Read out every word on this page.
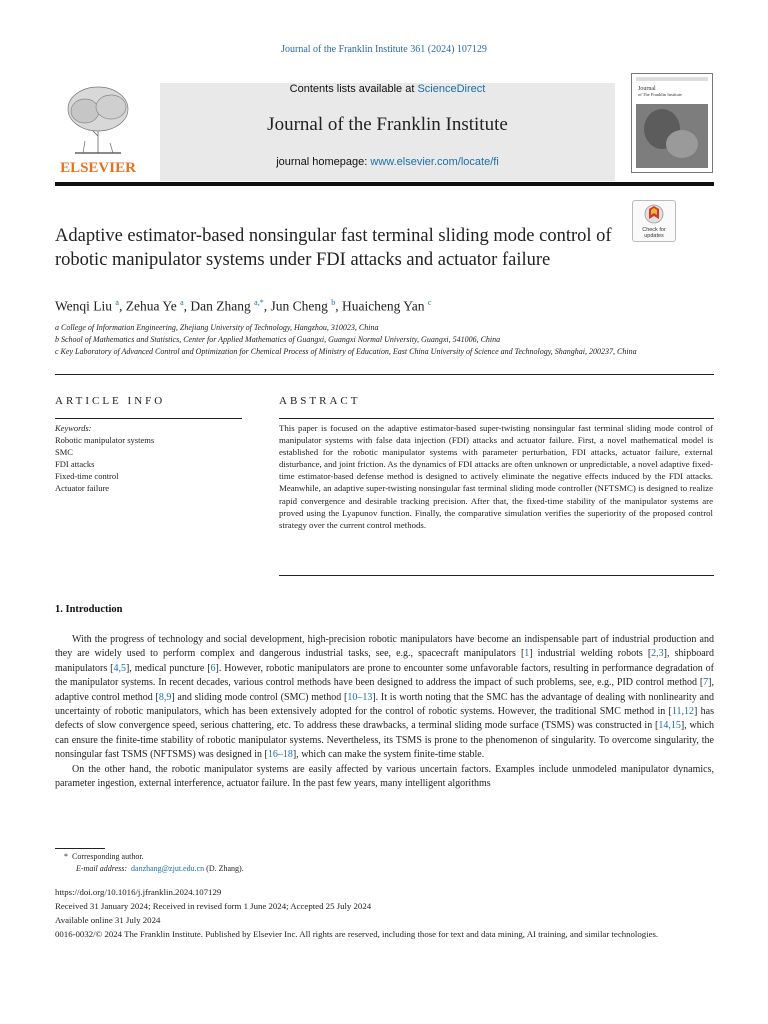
Journal of the Franklin Institute 361 (2024) 107129
ELSEVIER
Contents lists available at ScienceDirect
Journal of the Franklin Institute
journal homepage: www.elsevier.com/locate/fi
Journal
of The Franklin Institute
Check for
updates
Adaptive estimator-based nonsingular fast terminal sliding mode control of robotic manipulator systems under FDI attacks and actuator failure
Wenqi Liu $^a$, Zehua Ye $^a$, Dan Zhang $^{a,*}$, Jun Cheng $^b$, Huaicheng Yan $^c$
a College of Information Engineering, Zhejiang University of Technology, Hangzhou, 310023, China
b School of Mathematics and Statistics, Center for Applied Mathematics of Guangxi, Guangxi Normal University, Guangxi, 541006, China
c Key Laboratory of Advanced Control and Optimization for Chemical Process of Ministry of Education, East China University of Science and Technology, Shanghai, 200237, China
ARTICLE INFO
Keywords:
Robotic manipulator systems
SMC
FDI attacks
Fixed-time control
Actuator failure
ABSTRACT
This paper is focused on the adaptive estimator-based super-twisting nonsingular fast terminal sliding mode control of manipulator systems with false data injection (FDI) attacks and actuator failure. First, a novel mathematical model is established for the robotic manipulator systems with parameter perturbation, FDI attacks, actuator failure, external disturbance, and joint friction. As the dynamics of FDI attacks are often unknown or unpredictable, a novel adaptive fixed-time estimator-based defense method is designed to actively eliminate the negative effects induced by the FDI attacks. Meanwhile, an adaptive super-twisting nonsingular fast terminal sliding mode controller (NFTSMC) is designed to realize rapid convergence and desirable tracking precision. After that, the fixed-time stability of the manipulator systems are proved using the Lyapunov function. Finally, the comparative simulation verifies the superiority of the proposed control strategy over the current control methods.
1. Introduction

With the progress of technology and social development, high-precision robotic manipulators have become an indispensable part of industrial production and they are widely used to perform complex and dangerous industrial tasks, see, e.g., spacecraft manipulators [1] industrial welding robots [2,3], shipboard manipulators [4,5], medical puncture [6]. However, robotic manipulators are prone to encounter some unfavorable factors, resulting in performance degradation of the manipulator systems. In recent decades, various control methods have been designed to address the impact of such problems, see, e.g., PID control method [7], adaptive control method [8,9] and sliding mode control (SMC) method [10–13]. It is worth noting that the SMC has the advantage of dealing with nonlinearity and uncertainty of robotic manipulators, which has been extensively adopted for the control of robotic systems. However, the traditional SMC method in [11,12] has defects of slow convergence speed, serious chattering, etc. To address these drawbacks, a terminal sliding mode surface (TSMS) was constructed in [14,15], which can ensure the finite-time stability of robotic manipulator systems. Nevertheless, its TSMS is prone to the phenomenon of singularity. To overcome singularity, the nonsingular fast TSMS (NFTSMS) was designed in [16–18], which can make the system finite-time stable.

On the other hand, the robotic manipulator systems are easily affected by various uncertain factors. Examples include unmodeled manipulator dynamics, parameter ingestion, external interference, actuator failure. In the past few years, many intelligent algorithms

* Corresponding author.
E-mail address: danzhang@zjut.edu.cn (D. Zhang).
https://doi.org/10.1016/j.jfranklin.2024.107129
Received 31 January 2024; Received in revised form 1 June 2024; Accepted 25 July 2024
Available online 31 July 2024
0016-0032/© 2024 The Franklin Institute. Published by Elsevier Inc. All rights are reserved, including those for text and data mining, AI training, and similar technologies.
